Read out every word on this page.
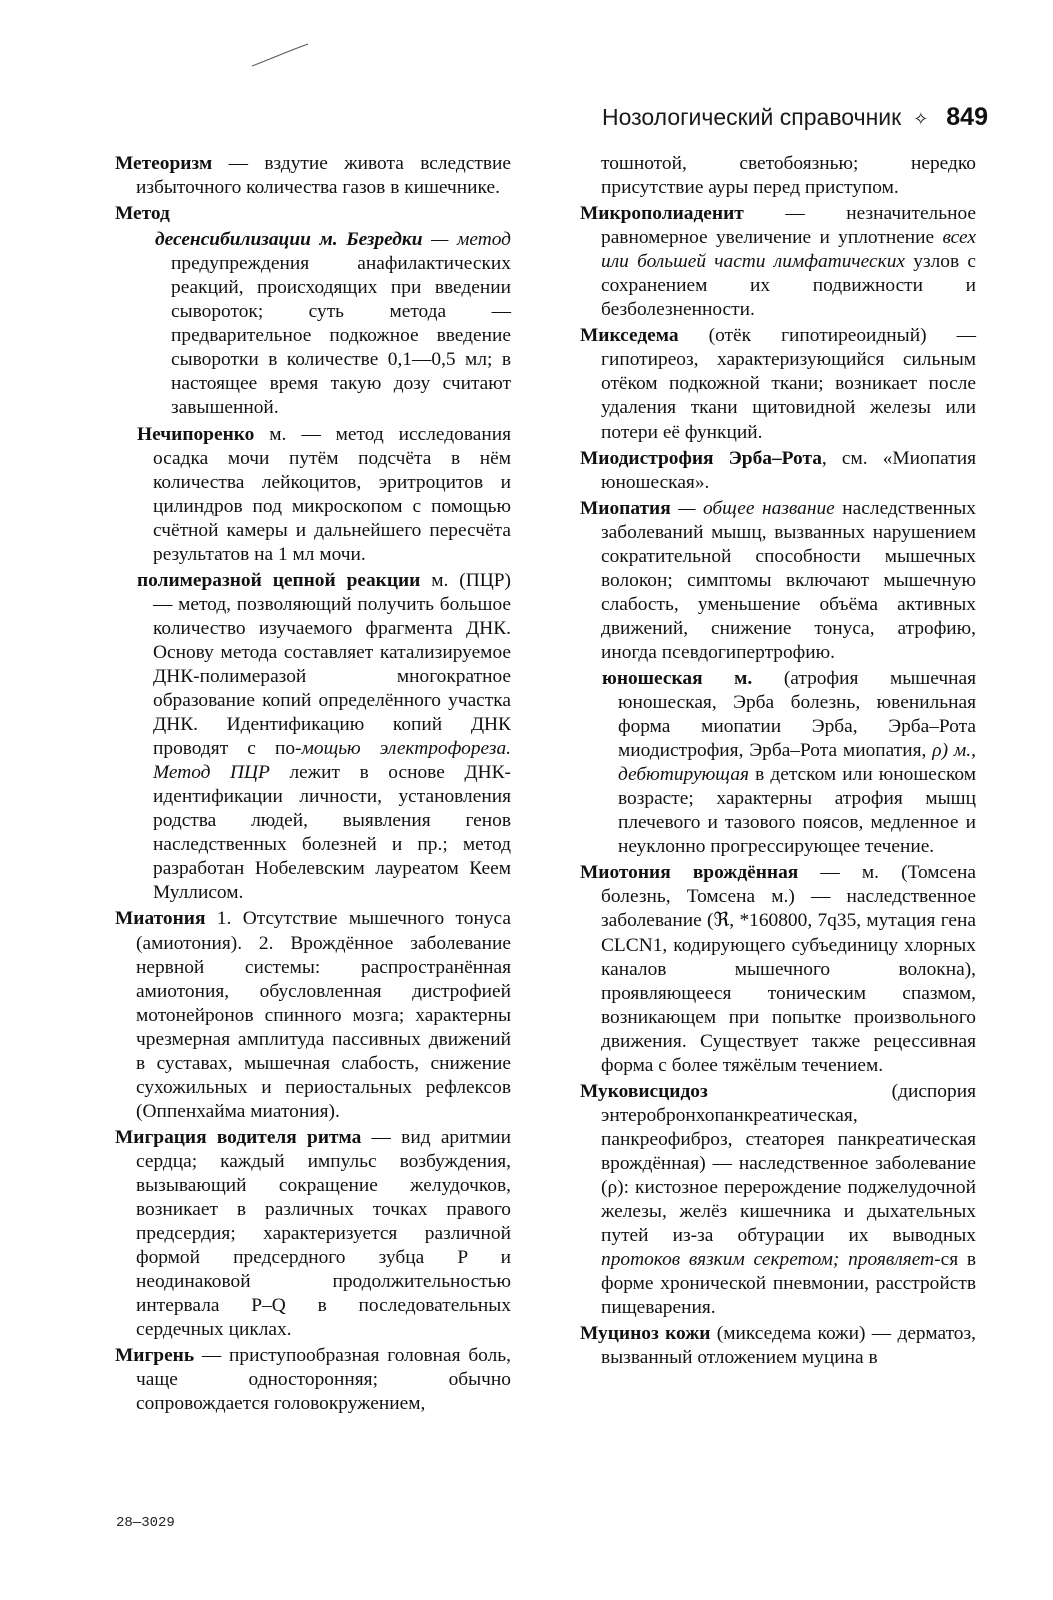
Нозологический справочник ✧ 849
Метеоризм — вздутие живота вследствие избыточного количества газов в кишечнике.
Метод
десенсибилизации м. Безредки — метод предупреждения анафилактических реакций, происходящих при введении сывороток; суть метода — предварительное подкожное введение сыворотки в количестве 0,1—0,5 мл; в настоящее время такую дозу считают завышенной.
Нечипоренко м. — метод исследования осадка мочи путём подсчёта в нём количества лейкоцитов, эритроцитов и цилиндров под микроскопом с помощью счётной камеры и дальнейшего пересчёта результатов на 1 мл мочи.
полимеразной цепной реакции м. (ПЦР) — метод, позволяющий получить большое количество изучаемого фрагмента ДНК. Основу метода составляет катализируемое ДНК-полимеразой многократное образование копий определённого участка ДНК. Идентификацию копий ДНК проводят с по-мощью электрофореза. Метод ПЦР лежит в основе ДНК-идентификации личности, установления родства людей, выявления генов наследственных болезней и пр.; метод разработан Нобелевским лауреатом Кеем Муллисом.
Миатония 1. Отсутствие мышечного тонуса (амиотония). 2. Врождённое заболевание нервной системы: распространённая амиотония, обусловленная дистрофией мотонейронов спинного мозга; характерны чрезмерная амплитуда пассивных движений в суставах, мышечная слабость, снижение сухожильных и периостальных рефлексов (Оппенхайма миатония).
Миграция водителя ритма — вид аритмии сердца; каждый импульс возбуждения, вызывающий сокращение желудочков, возникает в различных точках правого предсердия; характеризуется различной формой предсердного зубца P и неодинаковой продолжительностью интервала P–Q в последовательных сердечных циклах.
Мигрень — приступообразная головная боль, чаще односторонняя; обычно сопровождается головокружением,
тошнотой, светобоязнью; нередко присутствие ауры перед приступом.
Микрополиаденит — незначительное равномерное увеличение и уплотнение всех или большей части лимфатических узлов с сохранением их подвижности и безболезненности.
Микседема (отёк гипотиреоидный) — гипотиреоз, характеризующийся сильным отёком подкожной ткани; возникает после удаления ткани щитовидной железы или потери её функций.
Миодистрофия Эрба–Рота, см. «Миопатия юношеская».
Миопатия — общее название наследственных заболеваний мышц, вызванных нарушением сократительной способности мышечных волокон; симптомы включают мышечную слабость, уменьшение объёма активных движений, снижение тонуса, атрофию, иногда псевдогипертрофию.
юношеская м. (атрофия мышечная юношеская, Эрба болезнь, ювенильная форма миопатии Эрба, Эрба–Рота миодистрофия, Эрба–Рота миопатия, ρ) м., дебютирующая в детском или юношеском возрасте; характерны атрофия мышц плечевого и тазового поясов, медленное и неуклонно прогрессирующее течение.
Миотония врождённая — м. (Томсена болезнь, Томсена м.) — наследственное заболевание (ℜ, *160800, 7q35, мутация гена CLCN1, кодирующего субъединицу хлорных каналов мышечного волокна), проявляющееся тоническим спазмом, возникающем при попытке произвольного движения. Существует также рецессивная форма с более тяжёлым течением.
Муковисцидоз (диспория энтеробронхопанкреатическая, панкреофиброз, стеаторея панкреатическая врождённая) — наследственное заболевание (ρ): кистозное перерождение поджелудочной железы, желёз кишечника и дыхательных путей из-за обтурации их выводных протоков вязким секретом; проявляет-ся в форме хронической пневмонии, расстройств пищеварения.
Муциноз кожи (микседема кожи) — дерматоз, вызванный отложением муцина в
28—3029
